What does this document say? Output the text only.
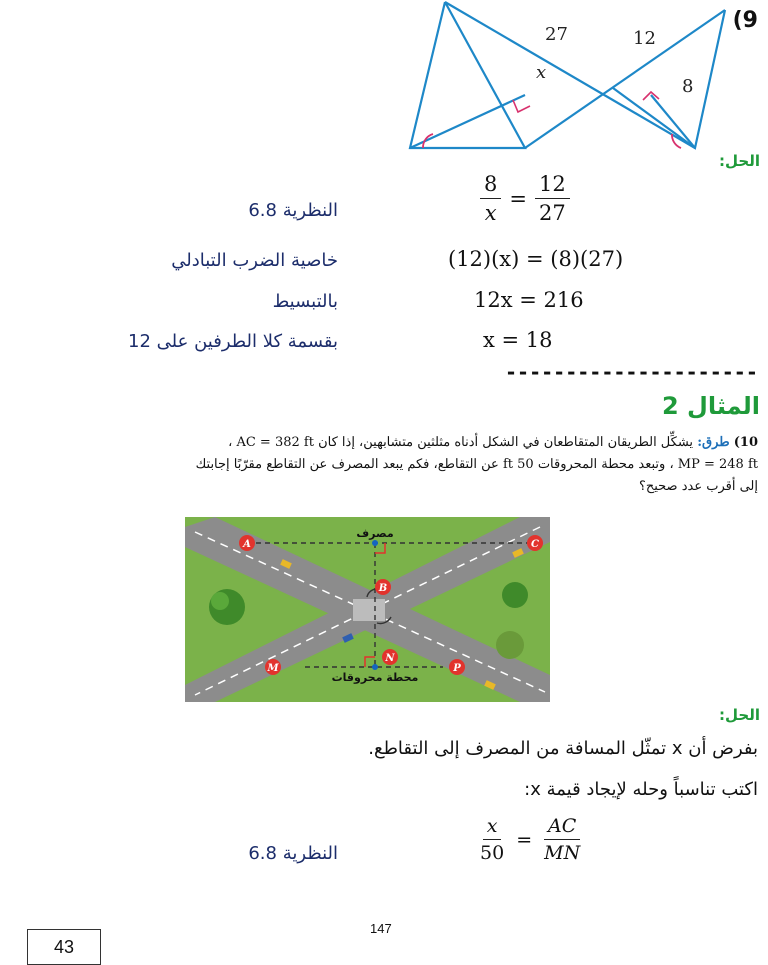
(9
27	12
x
8
الحل:
النظرية 6.8	$\frac{8}{x} = \frac{12}{27}$
خاصية الضرب التبادلي	(12)(x) = (8)(27)
بالتبسيط	12x = 216
بقسمة كلا الطرفين على 12	x = 18
---------------------
المثال 2
(10 طرق: يشكِّل الطريقان المتقاطعان في الشكل أدناه مثلثين متشابهين، إذا كان AC = 382 ft ،
MP = 248 ft ، وتبعد محطة المحروقات 50 ft عن التقاطع، فكم يبعد المصرف عن التقاطع مقرّبًا إجابتك
إلى أقرب عدد صحيح؟
A	C
B
M
N
P
مصرف
محطة محروقات
الحل:
بفرض أن x تمثّل المسافة من المصرف إلى التقاطع.
اكتب تناسباً وحله لإيجاد قيمة x:
النظرية 6.8	$\frac{x}{50} = \frac{AC}{MN}$
147
43
